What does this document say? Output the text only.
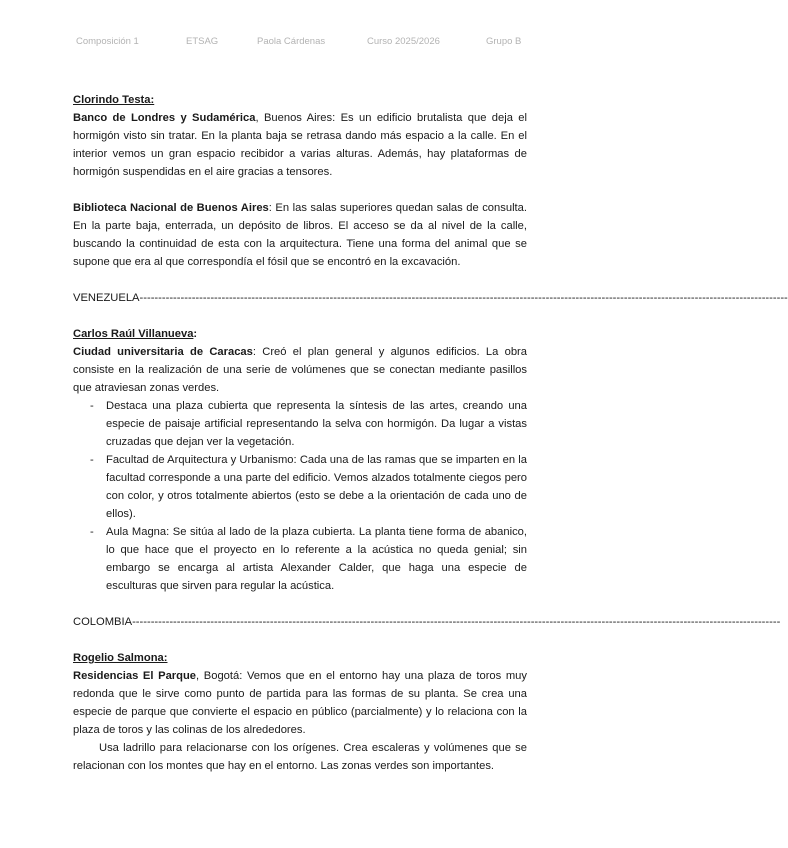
Composición 1	ETSAG	Paola Cárdenas	Curso 2025/2026	Grupo B

Clorindo Testa:

Banco de Londres y Sudamérica, Buenos Aires: Es un edificio brutalista que deja el hormigón visto sin tratar. En la planta baja se retrasa dando más espacio a la calle. En el interior vemos un gran espacio recibidor a varias alturas. Además, hay plataformas de hormigón suspendidas en el aire gracias a tensores.

Biblioteca Nacional de Buenos Aires: En las salas superiores quedan salas de consulta. En la parte baja, enterrada, un depósito de libros. El acceso se da al nivel de la calle, buscando la continuidad de esta con la arquitectura. Tiene una forma del animal que se supone que era al que correspondía el fósil que se encontró en la excavación.

VENEZUELA------------------------------------------------------------------------------------------------------------------------------------------------------------------------------

Carlos Raúl Villanueva:

Ciudad universitaria de Caracas: Creó el plan general y algunos edificios. La obra consiste en la realización de una serie de volúmenes que se conectan mediante pasillos que atraviesan zonas verdes.

- Destaca una plaza cubierta que representa la síntesis de las artes, creando una especie de paisaje artificial representando la selva con hormigón. Da lugar a vistas cruzadas que dejan ver la vegetación.
- Facultad de Arquitectura y Urbanismo: Cada una de las ramas que se imparten en la facultad corresponde a una parte del edificio. Vemos alzados totalmente ciegos pero con color, y otros totalmente abiertos (esto se debe a la orientación de cada uno de ellos).
- Aula Magna: Se sitúa al lado de la plaza cubierta. La planta tiene forma de abanico, lo que hace que el proyecto en lo referente a la acústica no queda genial; sin embargo se encarga al artista Alexander Calder, que haga una especie de esculturas que sirven para regular la acústica.
COLOMBIA------------------------------------------------------------------------------------------------------------------------------------------------------------------------------

Rogelio Salmona:

Residencias El Parque, Bogotá: Vemos que en el entorno hay una plaza de toros muy redonda que le sirve como punto de partida para las formas de su planta. Se crea una especie de parque que convierte el espacio en público (parcialmente) y lo relaciona con la plaza de toros y las colinas de los alrededores.

Usa ladrillo para relacionarse con los orígenes. Crea escaleras y volúmenes que se relacionan con los montes que hay en el entorno. Las zonas verdes son importantes.
